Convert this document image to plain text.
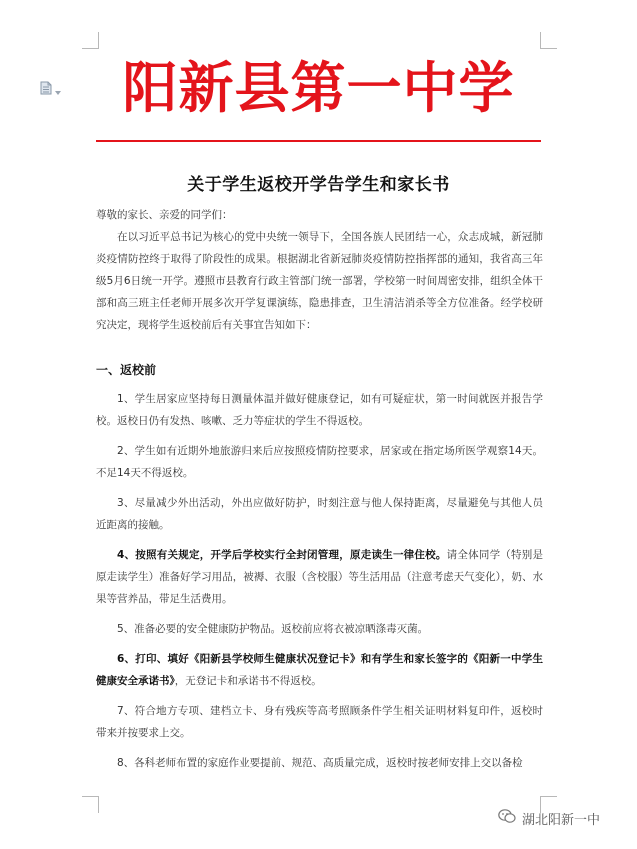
阳新县第一中学
关于学生返校开学告学生和家长书

尊敬的家长、亲爱的同学们：

在以习近平总书记为核心的党中央统一领导下，全国各族人民团结一心，众志成城，新冠肺炎疫情防控终于取得了阶段性的成果。根据湖北省新冠肺炎疫情防控指挥部的通知，我省高三年级5月6日统一开学。遵照市县教育行政主管部门统一部署，学校第一时间周密安排，组织全体干部和高三班主任老师开展多次开学复课演练，隐患排查，卫生清洁消杀等全方位准备。经学校研究决定，现将学生返校前后有关事宜告知如下：

一、返校前

1、学生居家应坚持每日测量体温并做好健康登记，如有可疑症状，第一时间就医并报告学校。返校日仍有发热、咳嗽、乏力等症状的学生不得返校。

2、学生如有近期外地旅游归来后应按照疫情防控要求，居家或在指定场所医学观察14天。不足14天不得返校。

3、尽量减少外出活动，外出应做好防护，时刻注意与他人保持距离，尽量避免与其他人员近距离的接触。

4、按照有关规定，开学后学校实行全封闭管理，原走读生一律住校。请全体同学（特别是原走读学生）准备好学习用品，被褥、衣服（含校服）等生活用品（注意考虑天气变化），奶、水果等营养品，带足生活费用。

5、准备必要的安全健康防护物品。返校前应将衣被凉晒涤毒灭菌。

6、打印、填好《阳新县学校师生健康状况登记卡》和有学生和家长签字的《阳新一中学生健康安全承诺书》，无登记卡和承诺书不得返校。

7、符合地方专项、建档立卡、身有残疾等高考照顾条件学生相关证明材料复印件，返校时带来并按要求上交。

8、各科老师布置的家庭作业要提前、规范、高质量完成，返校时按老师安排上交以备检

湖北阳新一中
